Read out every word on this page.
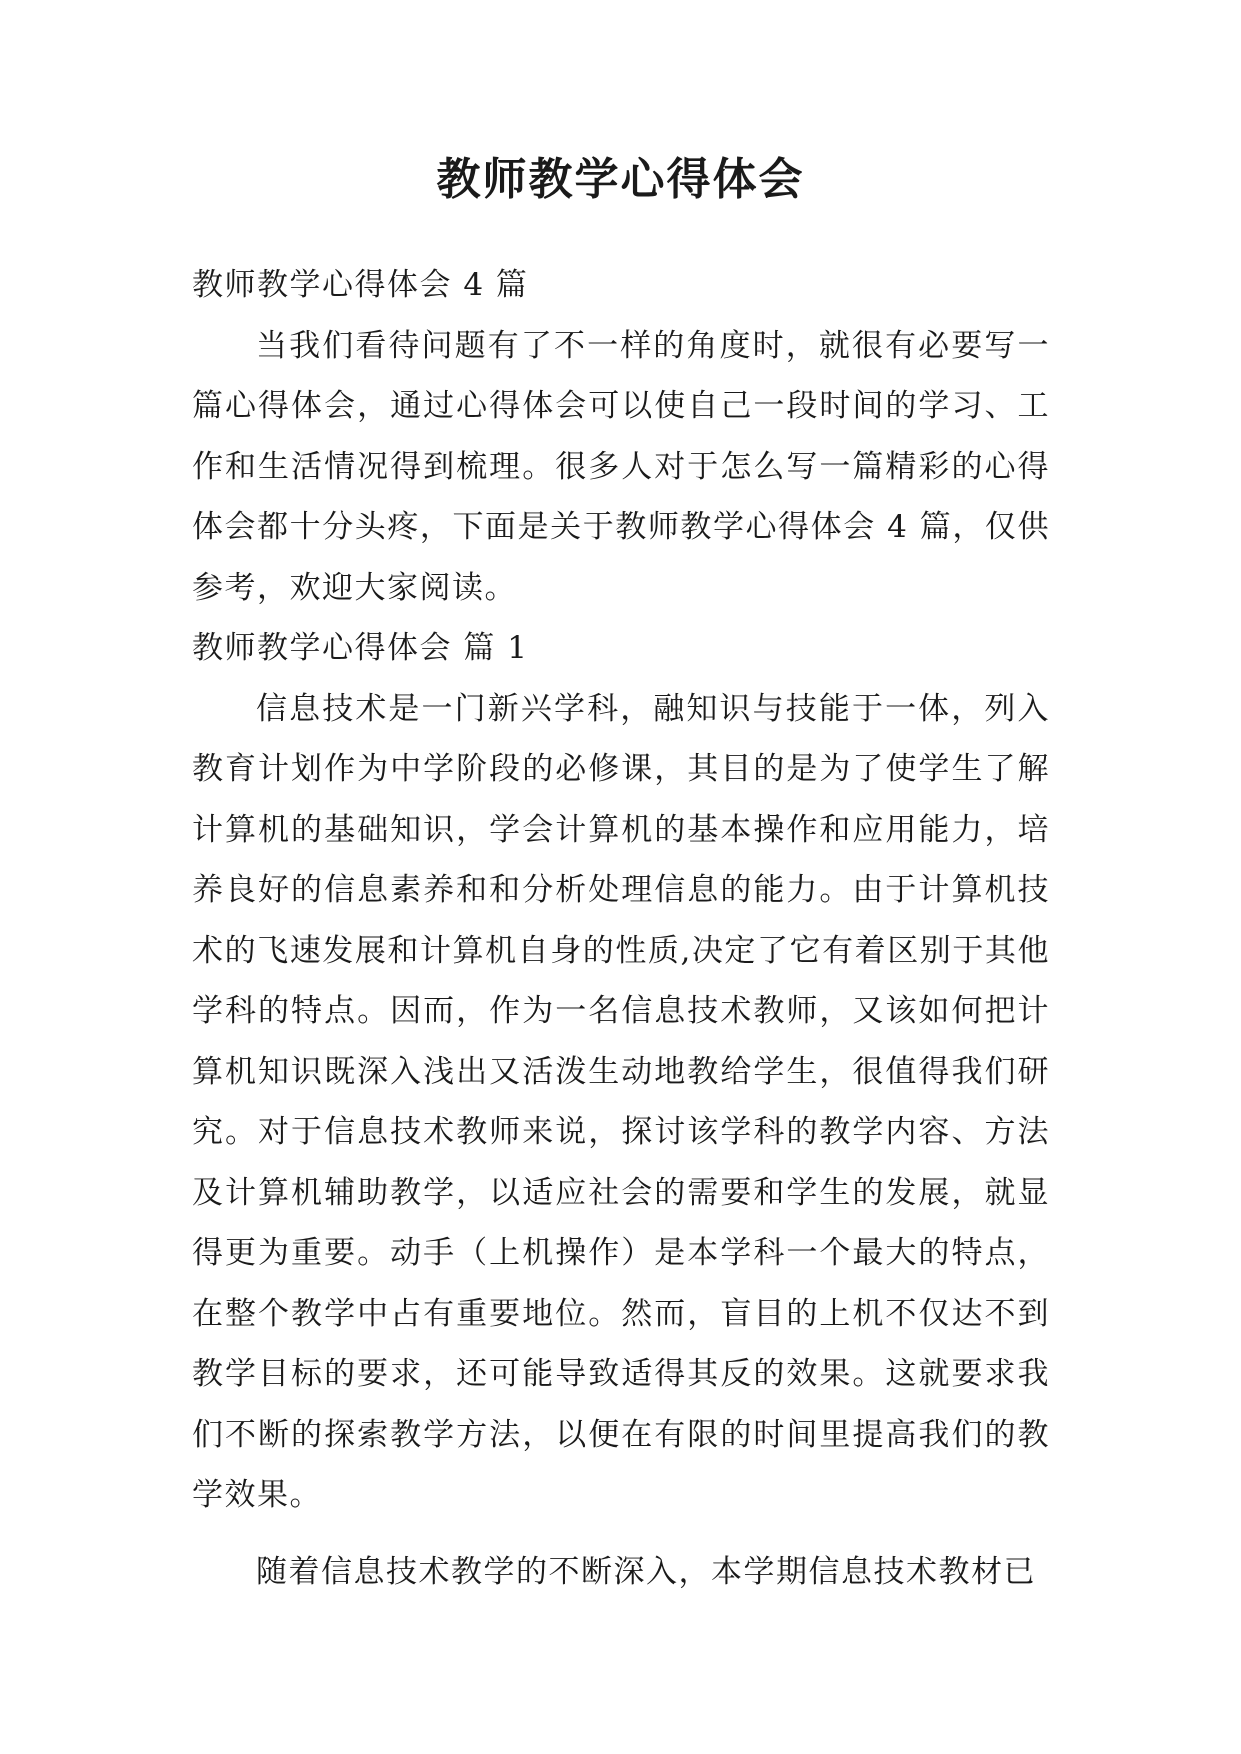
教师教学心得体会

教师教学心得体会 4 篇

当我们看待问题有了不一样的角度时，就很有必要写一篇心得体会，通过心得体会可以使自己一段时间的学习、工作和生活情况得到梳理。很多人对于怎么写一篇精彩的心得体会都十分头疼，下面是关于教师教学心得体会 4 篇，仅供参考，欢迎大家阅读。

教师教学心得体会 篇 1

信息技术是一门新兴学科，融知识与技能于一体，列入教育计划作为中学阶段的必修课，其目的是为了使学生了解计算机的基础知识，学会计算机的基本操作和应用能力，培养良好的信息素养和和分析处理信息的能力。由于计算机技术的飞速发展和计算机自身的性质,决定了它有着区别于其他学科的特点。因而，作为一名信息技术教师，又该如何把计算机知识既深入浅出又活泼生动地教给学生，很值得我们研究。对于信息技术教师来说，探讨该学科的教学内容、方法及计算机辅助教学，以适应社会的需要和学生的发展，就显得更为重要。动手（上机操作）是本学科一个最大的特点，在整个教学中占有重要地位。然而，盲目的上机不仅达不到教学目标的要求，还可能导致适得其反的效果。这就要求我们不断的探索教学方法，以便在有限的时间里提高我们的教学效果。

随着信息技术教学的不断深入，本学期信息技术教材已
